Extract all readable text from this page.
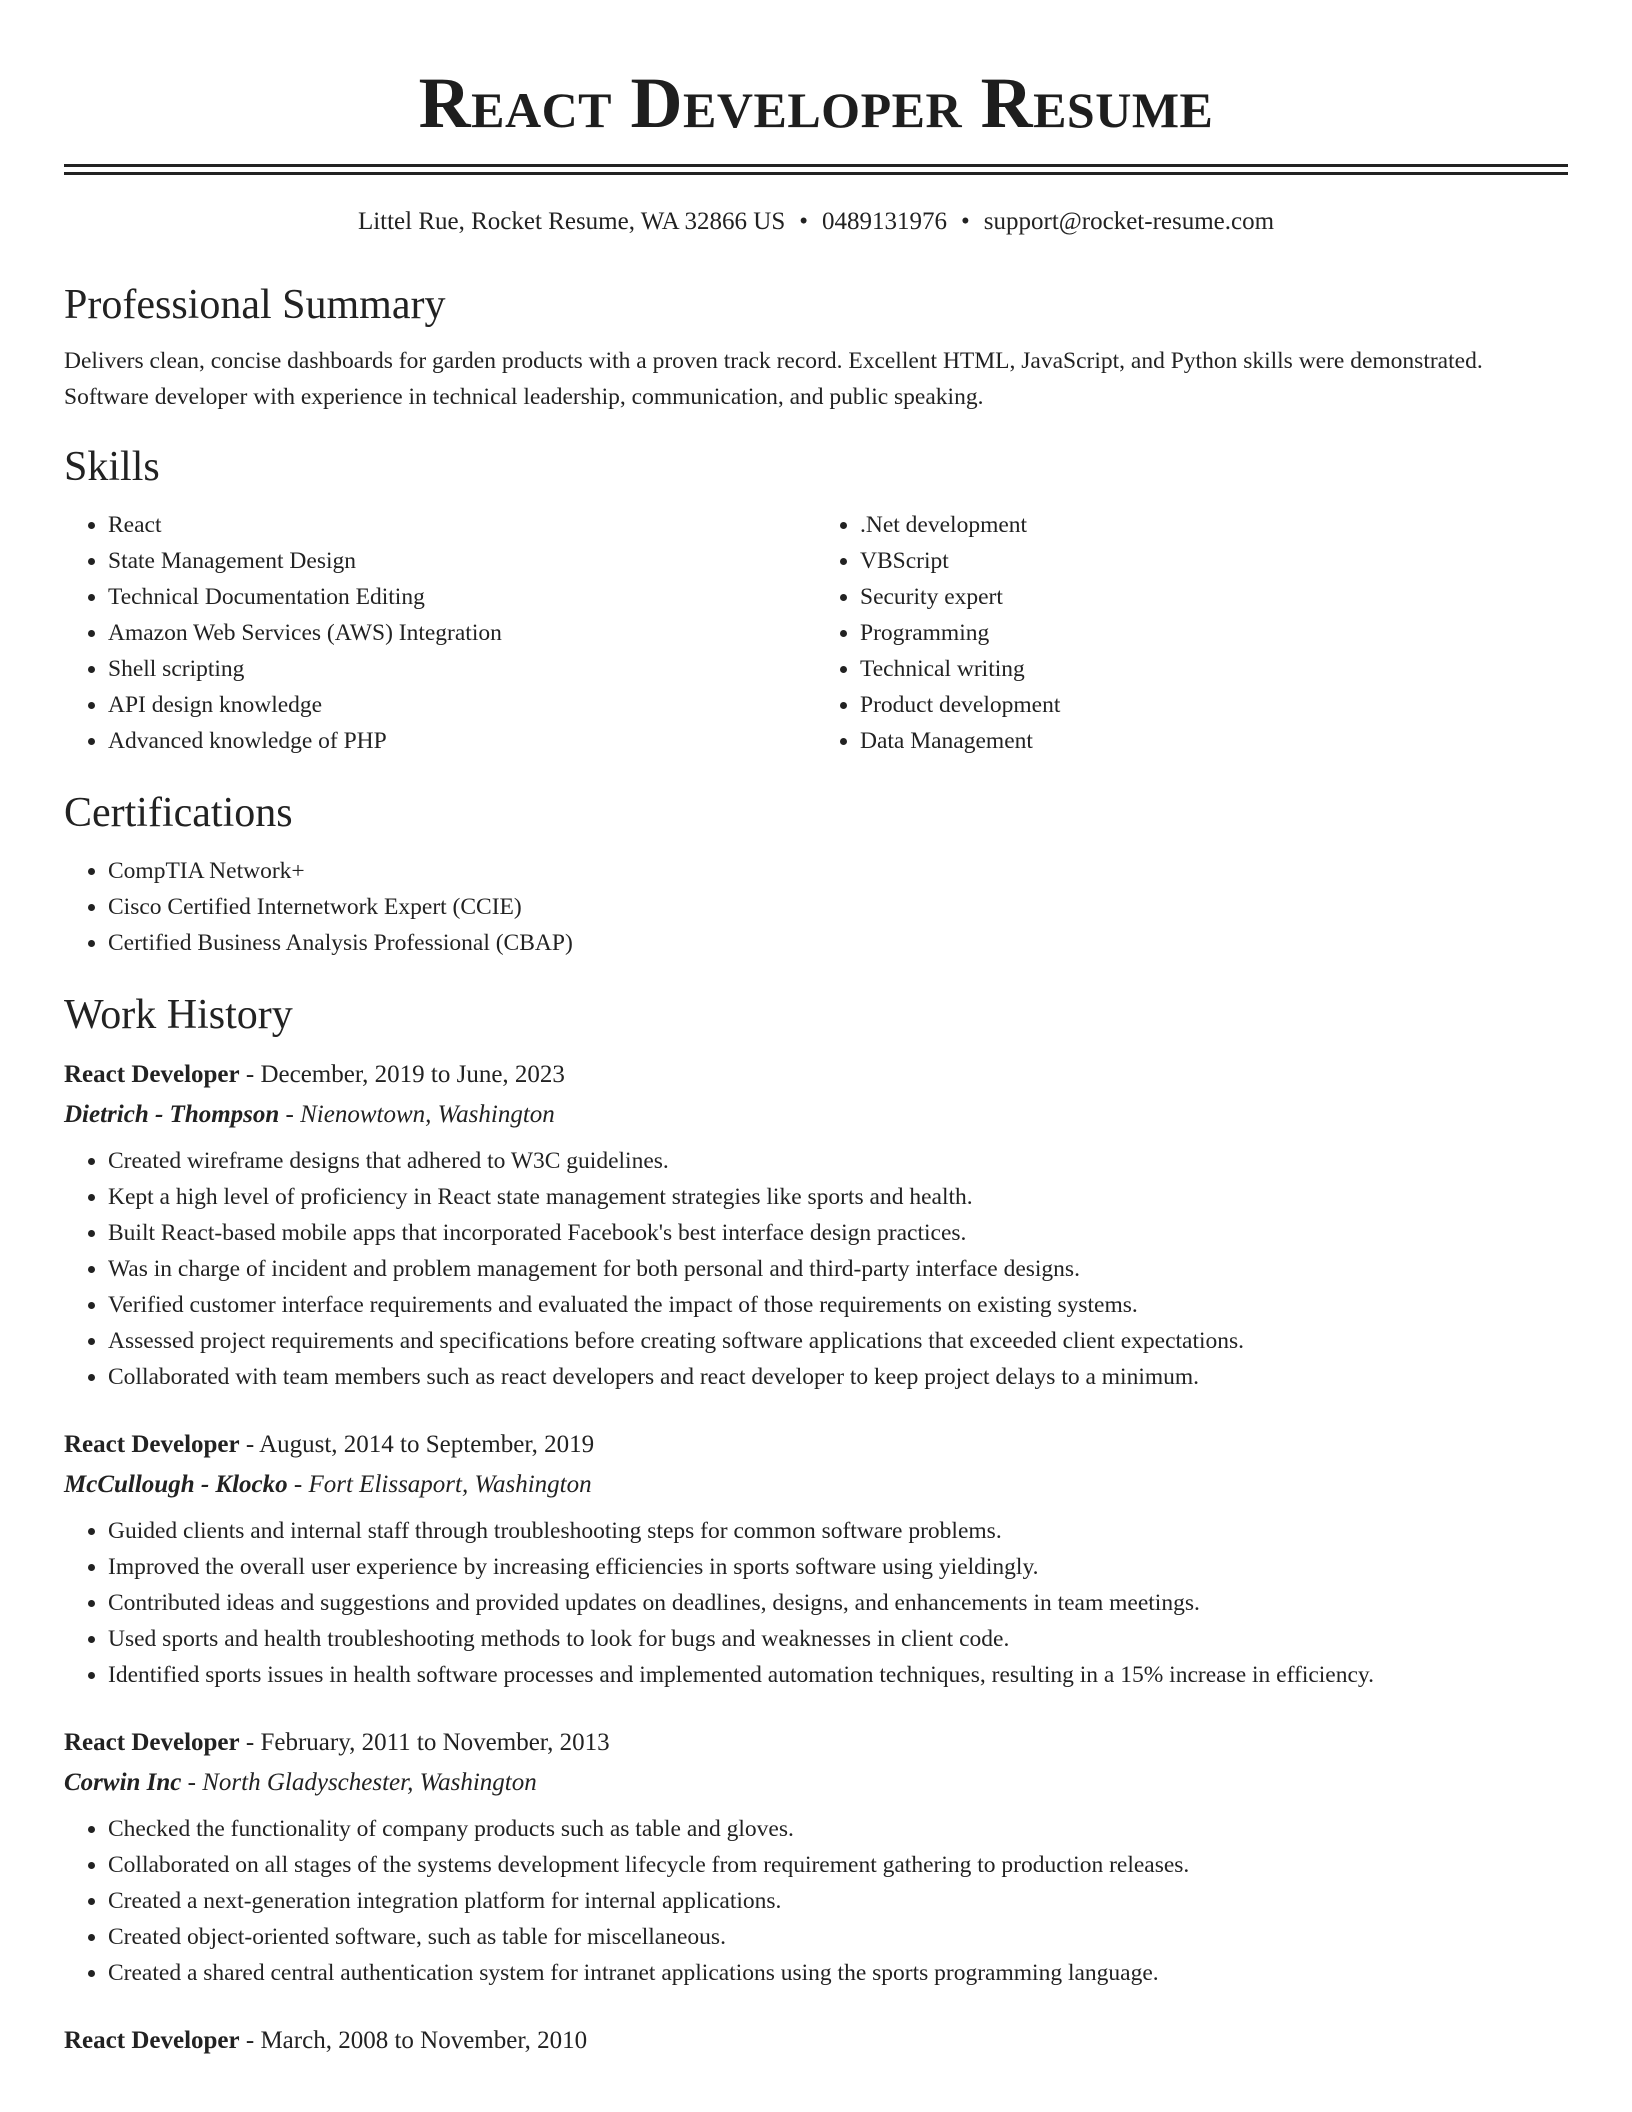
React Developer Resume
Littel Rue, Rocket Resume, WA 32866 US • 0489131976 • support@rocket-resume.com
Professional Summary

Delivers clean, concise dashboards for garden products with a proven track record. Excellent HTML, JavaScript, and Python skills were demonstrated. Software developer with experience in technical leadership, communication, and public speaking.

Skills
• React
• State Management Design
• Technical Documentation Editing
• Amazon Web Services (AWS) Integration
• Shell scripting
• API design knowledge
• Advanced knowledge of PHP
• .Net development
• VBScript
• Security expert
• Programming
• Technical writing
• Product development
• Data Management
Certifications
• CompTIA Network+
• Cisco Certified Internetwork Expert (CCIE)
• Certified Business Analysis Professional (CBAP)
Work History
React Developer - December, 2019 to June, 2023
Dietrich - Thompson - Nienowtown, Washington
• Created wireframe designs that adhered to W3C guidelines.
• Kept a high level of proficiency in React state management strategies like sports and health.
• Built React-based mobile apps that incorporated Facebook's best interface design practices.
• Was in charge of incident and problem management for both personal and third-party interface designs.
• Verified customer interface requirements and evaluated the impact of those requirements on existing systems.
• Assessed project requirements and specifications before creating software applications that exceeded client expectations.
• Collaborated with team members such as react developers and react developer to keep project delays to a minimum.
React Developer - August, 2014 to September, 2019
McCullough - Klocko - Fort Elissaport, Washington
• Guided clients and internal staff through troubleshooting steps for common software problems.
• Improved the overall user experience by increasing efficiencies in sports software using yieldingly.
• Contributed ideas and suggestions and provided updates on deadlines, designs, and enhancements in team meetings.
• Used sports and health troubleshooting methods to look for bugs and weaknesses in client code.
• Identified sports issues in health software processes and implemented automation techniques, resulting in a 15% increase in efficiency.
React Developer - February, 2011 to November, 2013
Corwin Inc - North Gladyschester, Washington
• Checked the functionality of company products such as table and gloves.
• Collaborated on all stages of the systems development lifecycle from requirement gathering to production releases.
• Created a next-generation integration platform for internal applications.
• Created object-oriented software, such as table for miscellaneous.
• Created a shared central authentication system for intranet applications using the sports programming language.
React Developer - March, 2008 to November, 2010
